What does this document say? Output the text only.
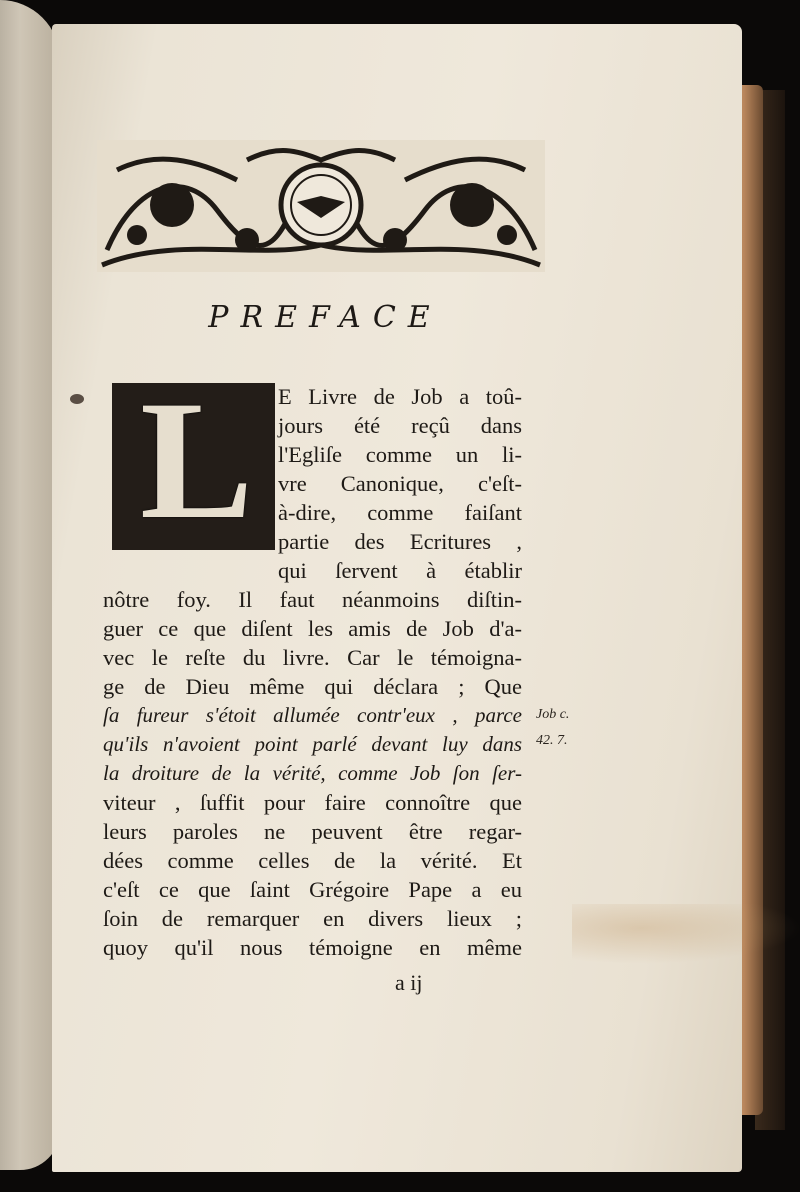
PREFACE
L E Livre de Job a toû-
jours été reçû dans
l'Egliſe comme un li-
vre Canonique, c'eſt-
à-dire, comme faiſant
partie des Ecritures ,
qui ſervent à établir
nôtre foy. Il faut néanmoins diſtin-
guer ce que diſent les amis de Job d'a-
vec le reſte du livre. Car le témoigna-
ge de Dieu même qui déclara ; Que
ſa fureur s'étoit allumée contr'eux , parce
qu'ils n'avoient point parlé devant luy dans
la droiture de la vérité, comme Job ſon ſer-
viteur , ſuffit pour faire connoître que
leurs paroles ne peuvent être regar-
dées comme celles de la vérité. Et
c'eſt ce que ſaint Grégoire Pape a eu
ſoin de remarquer en divers lieux ;
quoy qu'il nous témoigne en même
Job c.
42. 7.
a ij
